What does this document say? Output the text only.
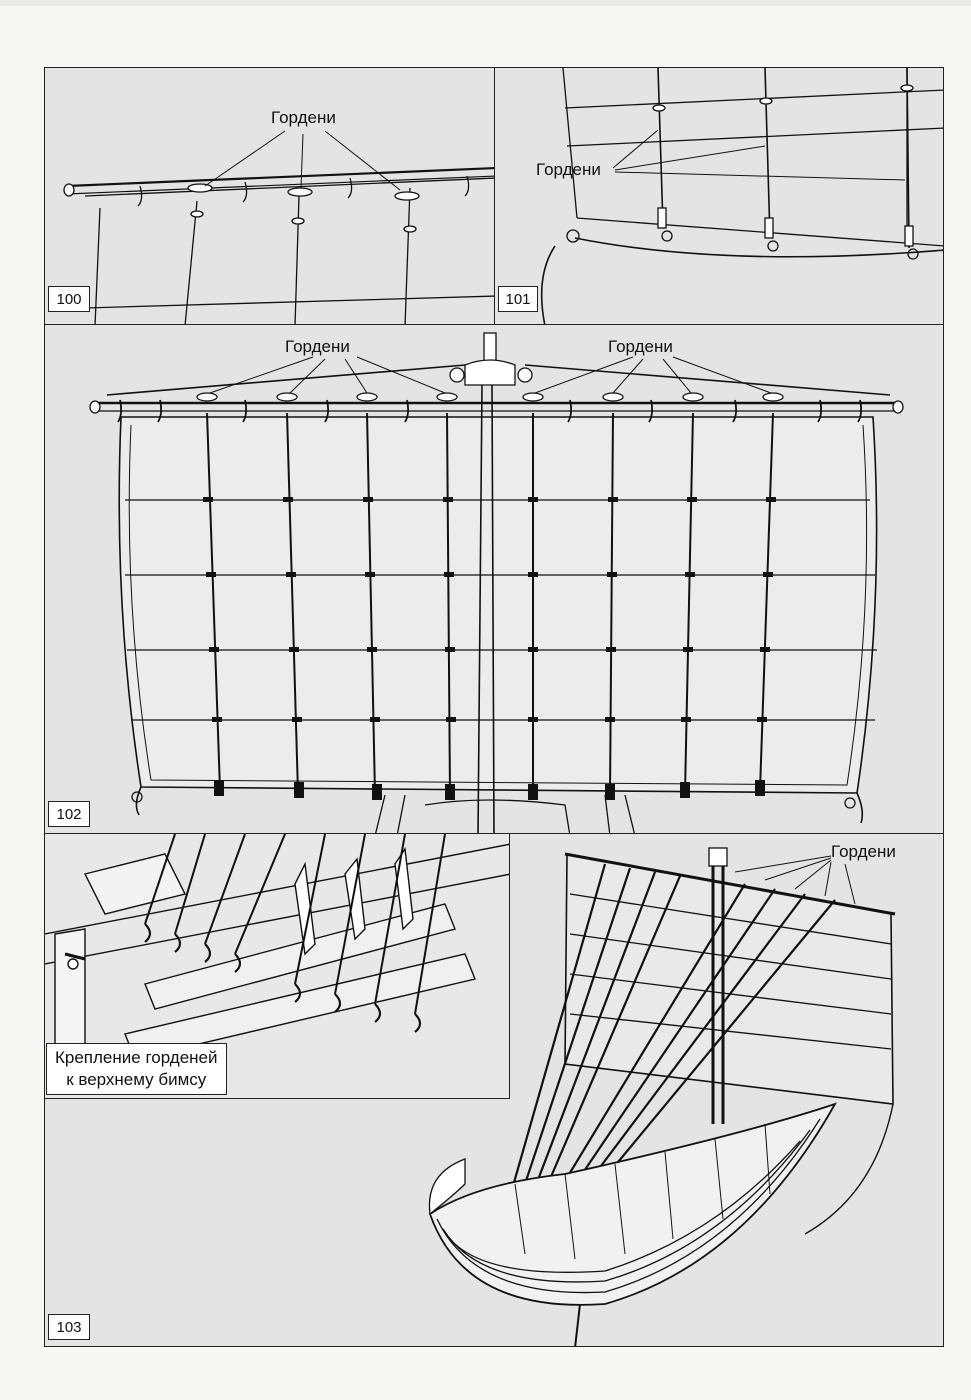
Гордени
100
Гордени
101
Гордени	Гордени
102
Крепление горденей
к верхнему бимсу
Гордени
103
